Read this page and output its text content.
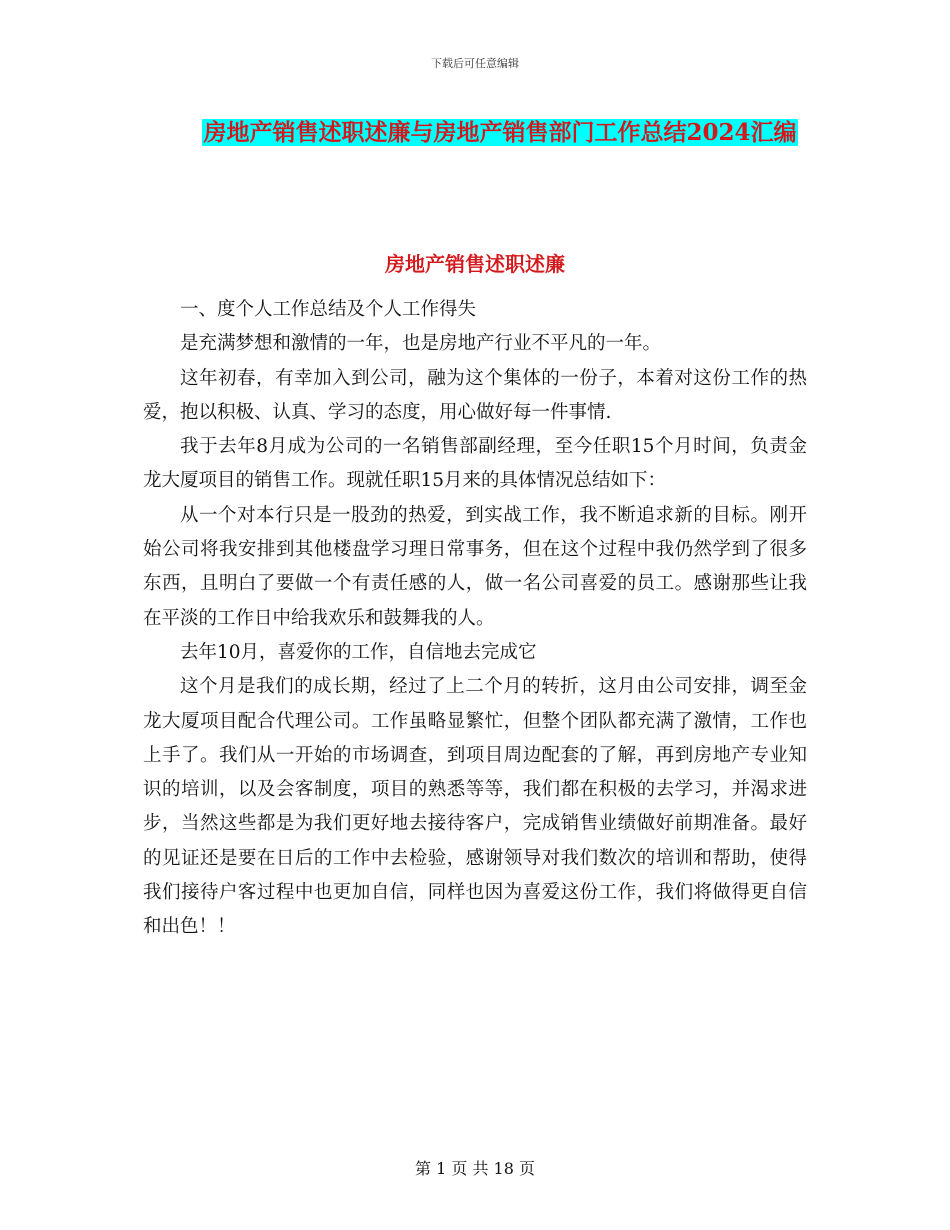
下载后可任意编辑
房地产销售述职述廉与房地产销售部门工作总结2024汇编
房地产销售述职述廉

一、度个人工作总结及个人工作得失

是充满梦想和激情的一年，也是房地产行业不平凡的一年。

这年初春，有幸加入到公司，融为这个集体的一份子，本着对这份工作的热爱，抱以积极、认真、学习的态度，用心做好每一件事情.

我于去年8月成为公司的一名销售部副经理，至今任职15个月时间，负责金龙大厦项目的销售工作。现就任职15月来的具体情况总结如下：

从一个对本行只是一股劲的热爱，到实战工作，我不断追求新的目标。刚开始公司将我安排到其他楼盘学习理日常事务，但在这个过程中我仍然学到了很多东西，且明白了要做一个有责任感的人，做一名公司喜爱的员工。感谢那些让我在平淡的工作日中给我欢乐和鼓舞我的人。

去年10月，喜爱你的工作，自信地去完成它

这个月是我们的成长期，经过了上二个月的转折，这月由公司安排，调至金龙大厦项目配合代理公司。工作虽略显繁忙，但整个团队都充满了激情，工作也上手了。我们从一开始的市场调查，到项目周边配套的了解，再到房地产专业知识的培训，以及会客制度，项目的熟悉等等，我们都在积极的去学习，并渴求进步，当然这些都是为我们更好地去接待客户，完成销售业绩做好前期准备。最好的见证还是要在日后的工作中去检验，感谢领导对我们数次的培训和帮助，使得我们接待户客过程中也更加自信，同样也因为喜爱这份工作，我们将做得更自信和出色！！

第 1 页 共 18 页
